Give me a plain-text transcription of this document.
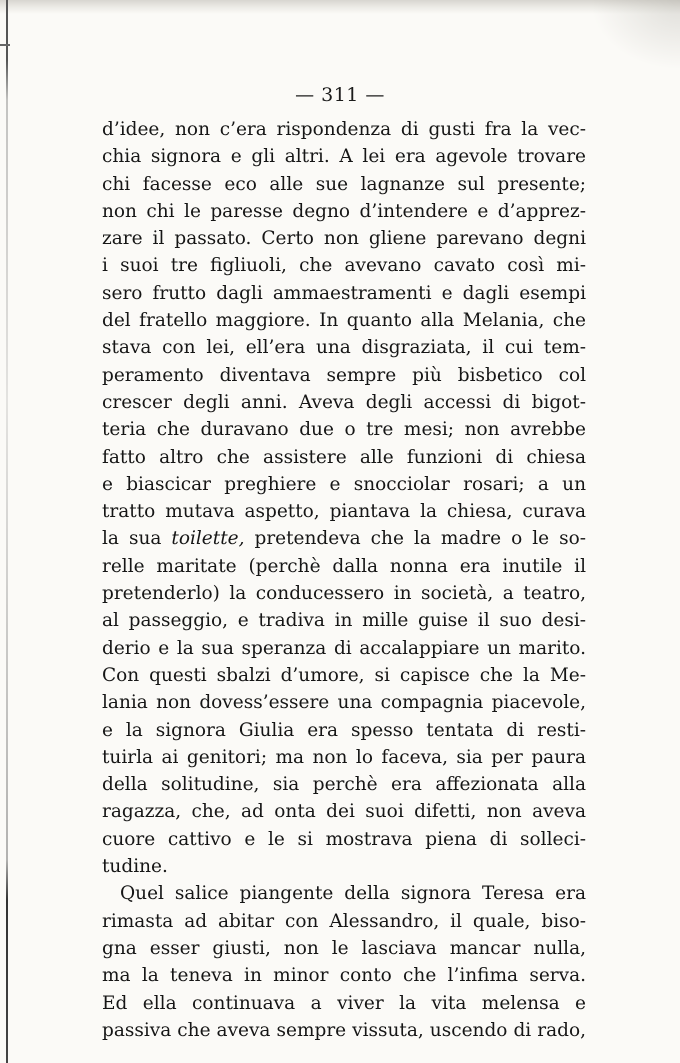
— 311 —
d’idee, non c’era rispondenza di gusti fra la vec-
chia signora e gli altri. A lei era agevole trovare
chi facesse eco alle sue lagnanze sul presente;
non chi le paresse degno d’intendere e d’apprez-
zare il passato. Certo non gliene parevano degni
i suoi tre figliuoli, che avevano cavato così mi-
sero frutto dagli ammaestramenti e dagli esempi
del fratello maggiore. In quanto alla Melania, che
stava con lei, ell’era una disgraziata, il cui tem-
peramento diventava sempre più bisbetico col
crescer degli anni. Aveva degli accessi di bigot-
teria che duravano due o tre mesi; non avrebbe
fatto altro che assistere alle funzioni di chiesa
e biascicar preghiere e snocciolar rosari; a un
tratto mutava aspetto, piantava la chiesa, curava
la sua toilette, pretendeva che la madre o le so-
relle maritate (perchè dalla nonna era inutile il
pretenderlo) la conducessero in società, a teatro,
al passeggio, e tradiva in mille guise il suo desi-
derio e la sua speranza di accalappiare un marito.
Con questi sbalzi d’umore, si capisce che la Me-
lania non dovess’essere una compagnia piacevole,
e la signora Giulia era spesso tentata di resti-
tuirla ai genitori; ma non lo faceva, sia per paura
della solitudine, sia perchè era affezionata alla
ragazza, che, ad onta dei suoi difetti, non aveva
cuore cattivo e le si mostrava piena di solleci-
tudine.
Quel salice piangente della signora Teresa era
rimasta ad abitar con Alessandro, il quale, biso-
gna esser giusti, non le lasciava mancar nulla,
ma la teneva in minor conto che l’infima serva.
Ed ella continuava a viver la vita melensa e
passiva che aveva sempre vissuta, uscendo di rado,
